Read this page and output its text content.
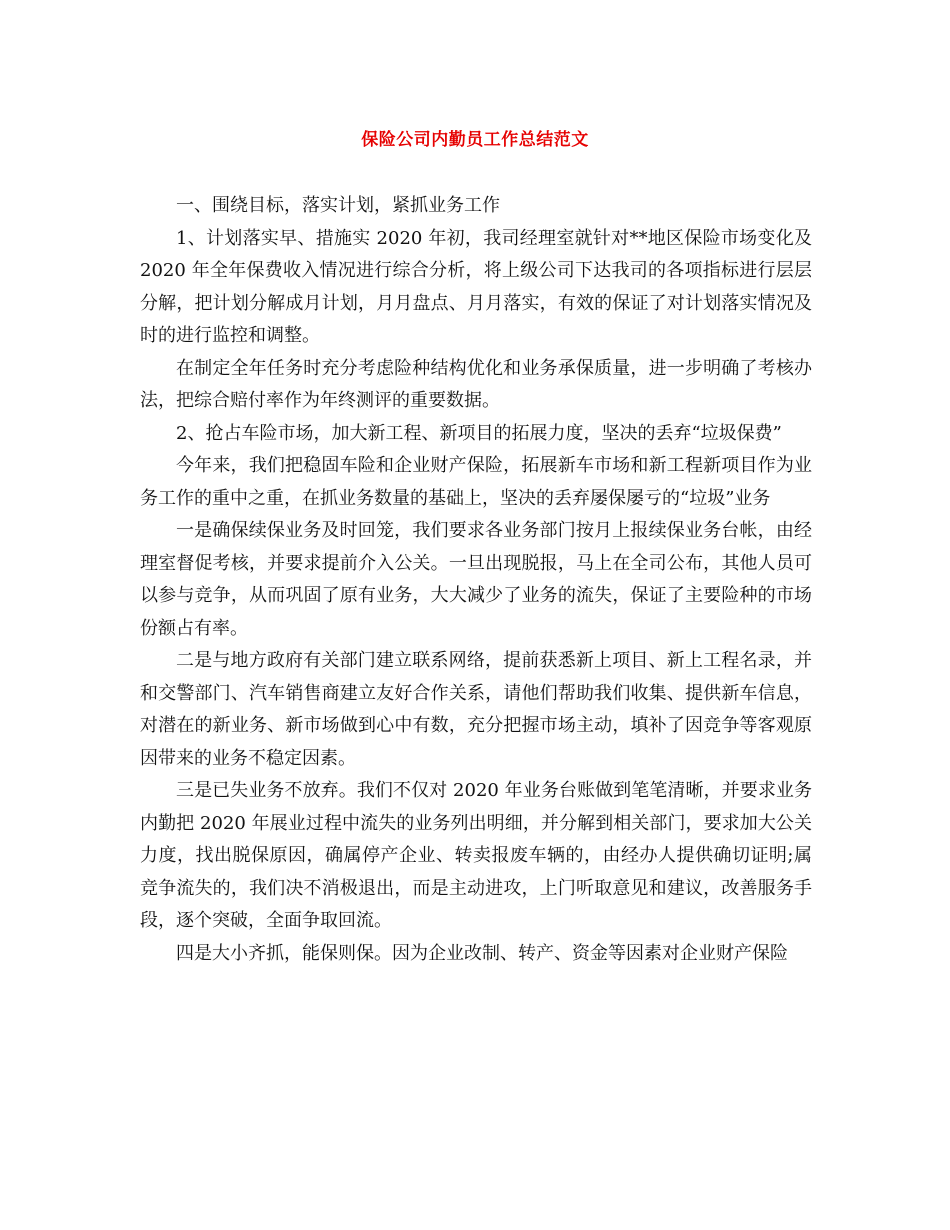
保险公司内勤员工作总结范文

一、围绕目标，落实计划，紧抓业务工作

1、计划落实早、措施实 2020 年初，我司经理室就针对**地区保险市场变化及 2020 年全年保费收入情况进行综合分析，将上级公司下达我司的各项指标进行层层分解，把计划分解成月计划，月月盘点、月月落实，有效的保证了对计划落实情况及时的进行监控和调整。

在制定全年任务时充分考虑险种结构优化和业务承保质量，进一步明确了考核办法，把综合赔付率作为年终测评的重要数据。

2、抢占车险市场，加大新工程、新项目的拓展力度，坚决的丢弃“垃圾保费”

今年来，我们把稳固车险和企业财产保险，拓展新车市场和新工程新项目作为业务工作的重中之重，在抓业务数量的基础上，坚决的丢弃屡保屡亏的“垃圾”业务

一是确保续保业务及时回笼，我们要求各业务部门按月上报续保业务台帐，由经理室督促考核，并要求提前介入公关。一旦出现脱报，马上在全司公布，其他人员可以参与竞争，从而巩固了原有业务，大大减少了业务的流失，保证了主要险种的市场份额占有率。

二是与地方政府有关部门建立联系网络，提前获悉新上项目、新上工程名录，并和交警部门、汽车销售商建立友好合作关系，请他们帮助我们收集、提供新车信息，对潜在的新业务、新市场做到心中有数，充分把握市场主动，填补了因竞争等客观原因带来的业务不稳定因素。

三是已失业务不放弃。我们不仅对 2020 年业务台账做到笔笔清晰，并要求业务内勤把 2020 年展业过程中流失的业务列出明细，并分解到相关部门，要求加大公关力度，找出脱保原因，确属停产企业、转卖报废车辆的，由经办人提供确切证明;属竞争流失的，我们决不消极退出，而是主动进攻，上门听取意见和建议，改善服务手段，逐个突破，全面争取回流。

四是大小齐抓，能保则保。因为企业改制、转产、资金等因素对企业财产保险
